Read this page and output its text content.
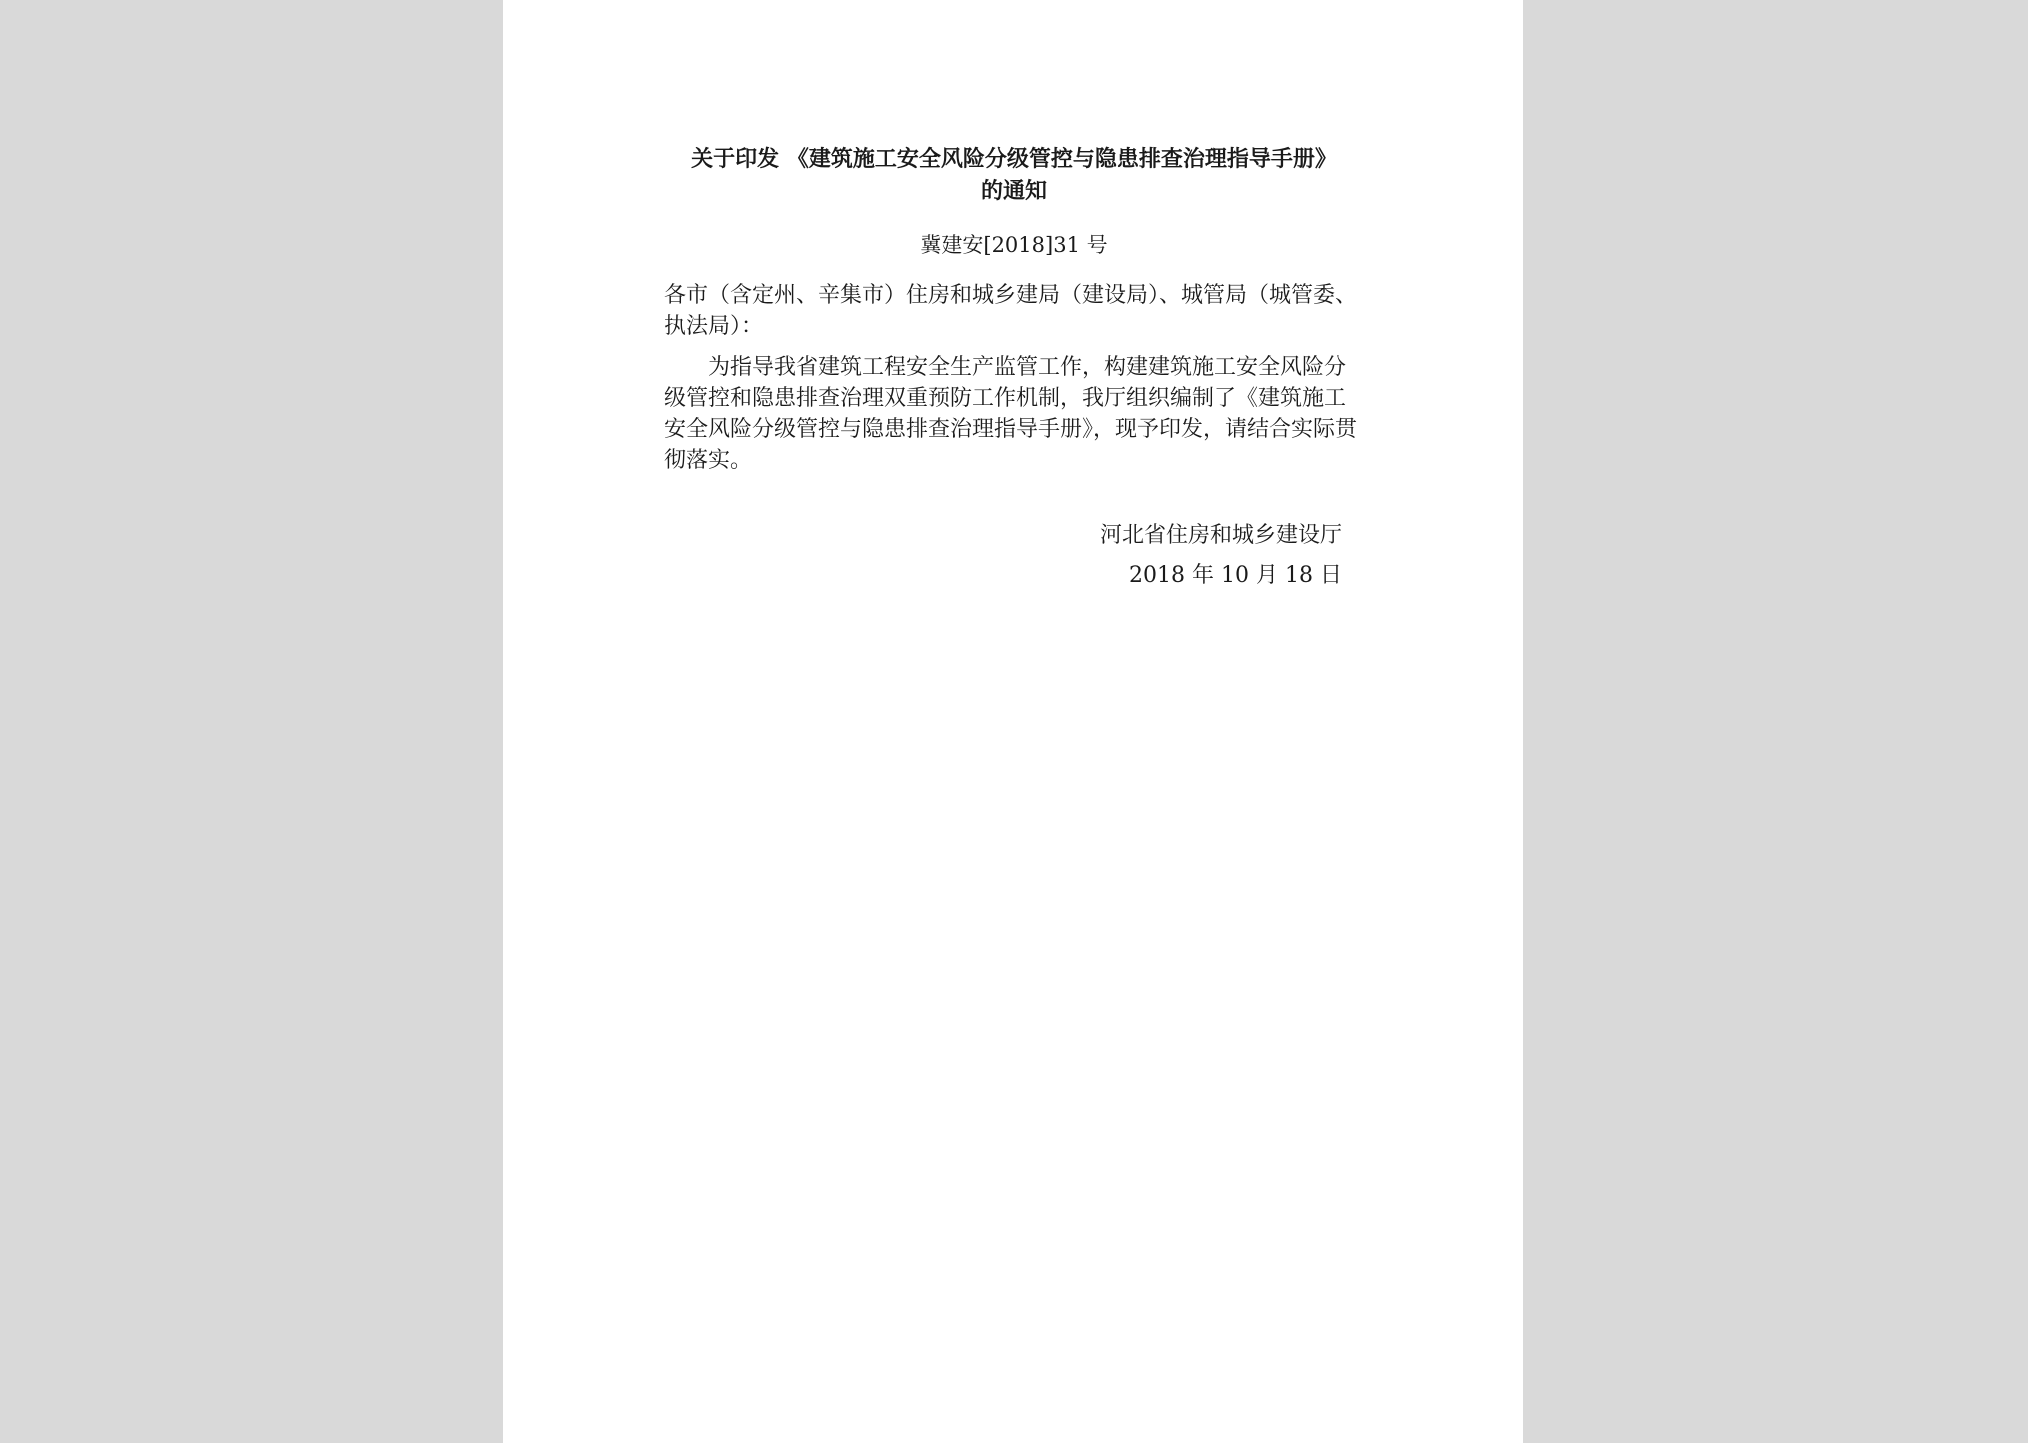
关于印发 《建筑施工安全风险分级管控与隐患排查治理指导手册》
的通知
冀建安[2018]31 号
各市（含定州、辛集市）住房和城乡建局（建设局）、城管局（城管委、执法局）：
为指导我省建筑工程安全生产监管工作，构建建筑施工安全风险分级管控和隐患排查治理双重预防工作机制，我厅组织编制了《建筑施工安全风险分级管控与隐患排查治理指导手册》，现予印发，请结合实际贯彻落实。
河北省住房和城乡建设厅
2018 年 10 月 18 日
